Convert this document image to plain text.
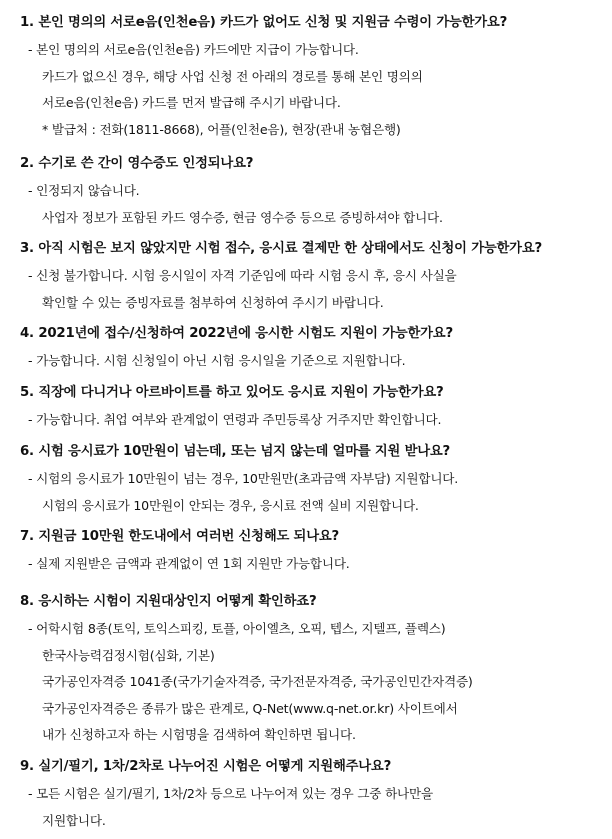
1. 본인 명의의 서로e음(인천e음) 카드가 없어도 신청 및 지원금 수령이 가능한가요?
- 본인 명의의 서로e음(인천e음) 카드에만 지급이 가능합니다.
카드가 없으신 경우, 해당 사업 신청 전 아래의 경로를 통해 본인 명의의
서로e음(인천e음) 카드를 먼저 발급해 주시기 바랍니다.
* 발급처 : 전화(1811-8668), 어플(인천e음), 현장(관내 농협은행)
2. 수기로 쓴 간이 영수증도 인정되나요?
- 인정되지 않습니다.
사업자 정보가 포함된 카드 영수증, 현금 영수증 등으로 증빙하셔야 합니다.
3. 아직 시험은 보지 않았지만 시험 접수, 응시료 결제만 한 상태에서도 신청이 가능한가요?
- 신청 불가합니다. 시험 응시일이 자격 기준임에 따라 시험 응시 후, 응시 사실을
확인할 수 있는 증빙자료를 첨부하여 신청하여 주시기 바랍니다.
4. 2021년에 접수/신청하여 2022년에 응시한 시험도 지원이 가능한가요?
- 가능합니다. 시험 신청일이 아닌 시험 응시일을 기준으로 지원합니다.
5. 직장에 다니거나 아르바이트를 하고 있어도 응시료 지원이 가능한가요?
- 가능합니다. 취업 여부와 관계없이 연령과 주민등록상 거주지만 확인합니다.
6. 시험 응시료가 10만원이 넘는데, 또는 넘지 않는데 얼마를 지원 받나요?
- 시험의 응시료가 10만원이 넘는 경우, 10만원만(초과금액 자부담) 지원합니다.
시험의 응시료가 10만원이 안되는 경우, 응시료 전액 실비 지원합니다.
7. 지원금 10만원 한도내에서 여러번 신청해도 되나요?
- 실제 지원받은 금액과 관계없이 연 1회 지원만 가능합니다.
8. 응시하는 시험이 지원대상인지 어떻게 확인하죠?
- 어학시험 8종(토익, 토익스피킹, 토플, 아이엘츠, 오픽, 텝스, 지텔프, 플렉스)
한국사능력검정시험(심화, 기본)
국가공인자격증 1041종(국가기술자격증, 국가전문자격증, 국가공인민간자격증)
국가공인자격증은 종류가 많은 관계로, Q-Net(www.q-net.or.kr) 사이트에서
내가 신청하고자 하는 시험명을 검색하여 확인하면 됩니다.
9. 실기/필기, 1차/2차로 나누어진 시험은 어떻게 지원해주나요?
- 모든 시험은 실기/필기, 1차/2차 등으로 나누어져 있는 경우 그중 하나만을
지원합니다.
